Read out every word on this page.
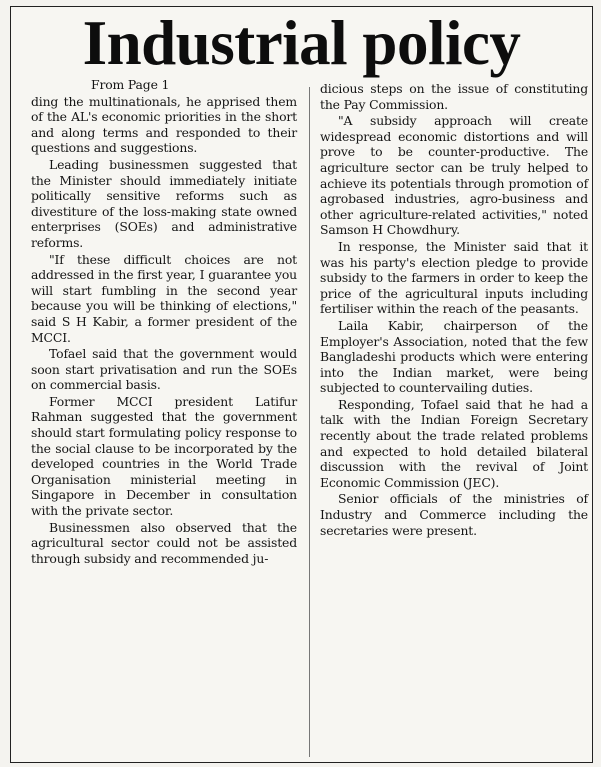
Industrial policy

From Page 1

ding the multinationals, he apprised them of the AL's economic priorities in the short and along terms and responded to their questions and suggestions.

Leading businessmen suggested that the Minister should immediately initiate politically sensitive reforms such as divestiture of the loss-making state owned enterprises (SOEs) and administrative reforms.

"If these difficult choices are not addressed in the first year, I guarantee you will start fumbling in the second year because you will be thinking of elections," said S H Kabir, a former president of the MCCI.

Tofael said that the government would soon start privatisation and run the SOEs on commercial basis.

Former MCCI president Latifur Rahman suggested that the government should start formulating policy response to the social clause to be incorporated by the developed countries in the World Trade Organisation ministerial meeting in Singapore in December in consultation with the private sector.

Businessmen also observed that the agricultural sector could not be assisted through subsidy and recommended ju-

dicious steps on the issue of constituting the Pay Commission.

"A subsidy approach will create widespread economic distortions and will prove to be counter-productive. The agriculture sector can be truly helped to achieve its potentials through promotion of agrobased industries, agro-business and other agriculture-related activities," noted Samson H Chowdhury.

In response, the Minister said that it was his party's election pledge to provide subsidy to the farmers in order to keep the price of the agricultural inputs including fertiliser within the reach of the peasants.

Laila Kabir, chairperson of the Employer's Association, noted that the few Bangladeshi products which were entering into the Indian market, were being subjected to countervailing duties.

Responding, Tofael said that he had a talk with the Indian Foreign Secretary recently about the trade related problems and expected to hold detailed bilateral discussion with the revival of Joint Economic Commission (JEC).

Senior officials of the ministries of Industry and Commerce including the secretaries were present.
